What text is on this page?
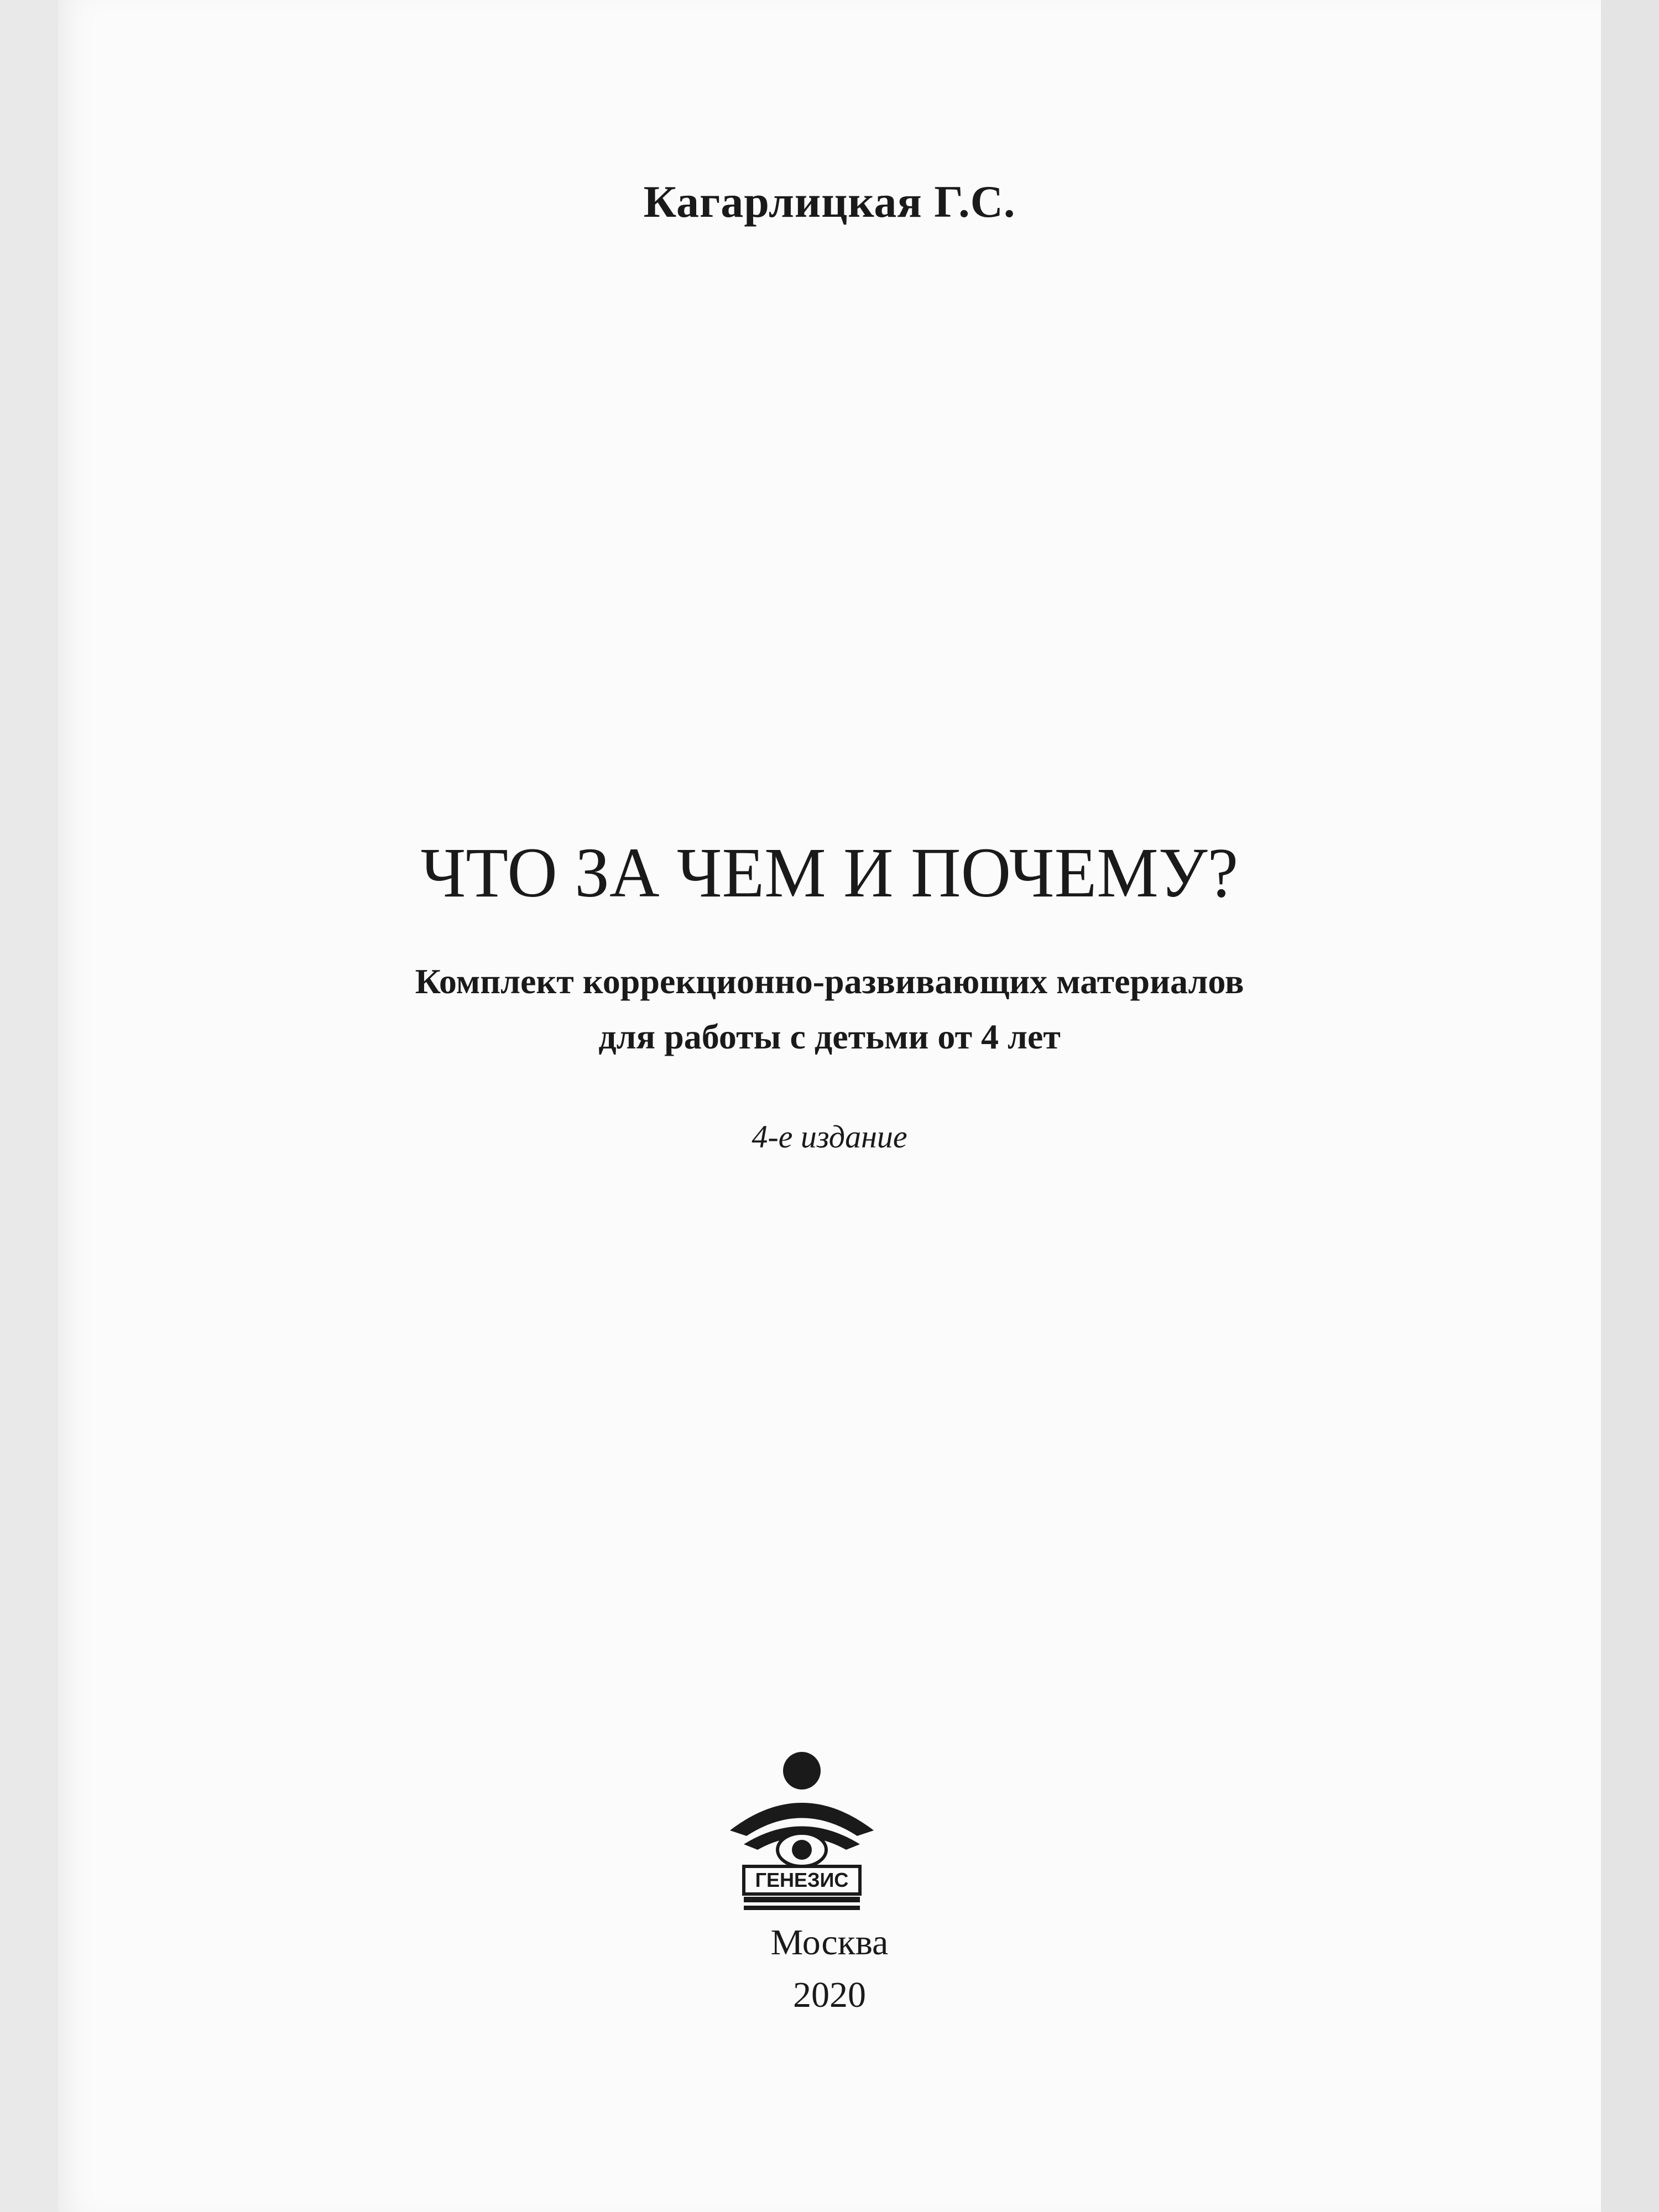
Кагарлицкая Г.С.
ЧТО ЗА ЧЕМ И ПОЧЕМУ?
Комплект коррекционно-развивающих материалов
для работы с детьми от 4 лет
4-е издание
ГЕНЕЗИС
Москва
2020
